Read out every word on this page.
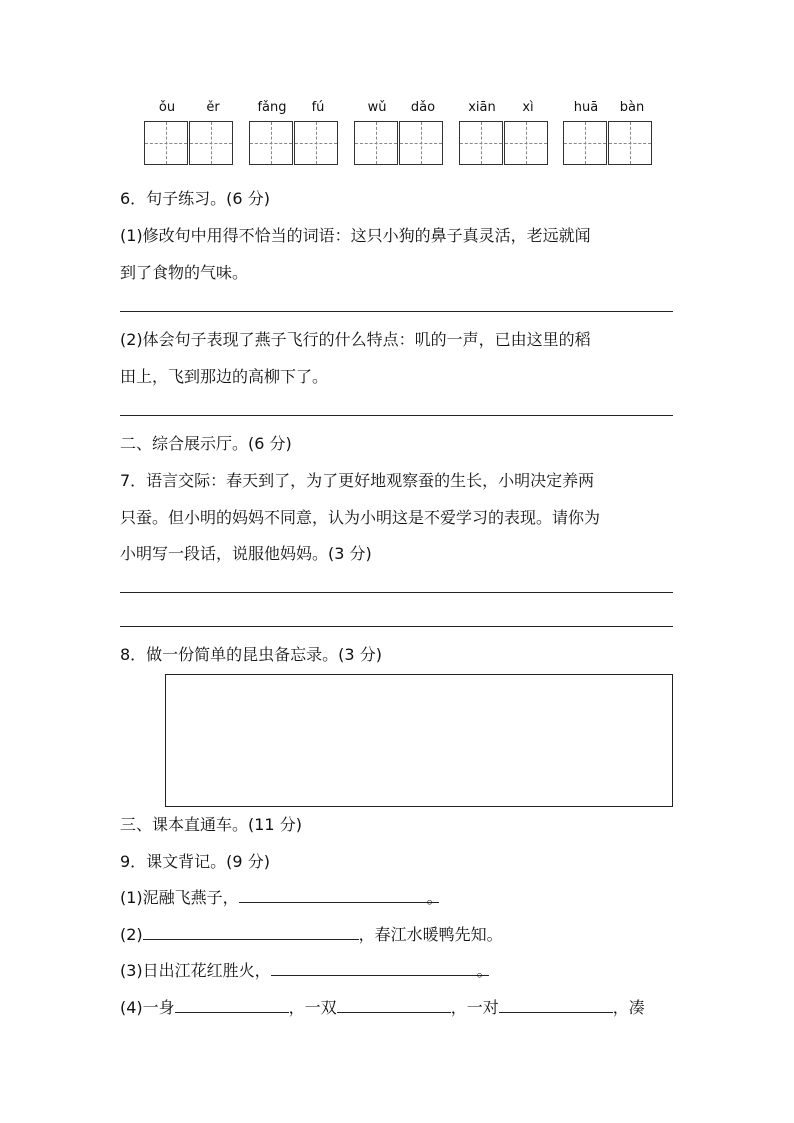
ǒu	ěr	fǎng	fú	wǔ	dǎo	xiān	xì	huā	bàn
6．句子练习。(6 分)
(1)修改句中用得不恰当的词语：这只小狗的鼻子真灵活，老远就闻
到了食物的气味。
(2)体会句子表现了燕子飞行的什么特点：叽的一声，已由这里的稻
田上，飞到那边的高柳下了。
二、综合展示厅。(6 分)
7．语言交际：春天到了，为了更好地观察蚕的生长，小明决定养两
只蚕。但小明的妈妈不同意，认为小明这是不爱学习的表现。请你为
小明写一段话，说服他妈妈。(3 分)
8．做一份简单的昆虫备忘录。(3 分)
三、课本直通车。(11 分)
9．课文背记。(9 分)
(1)泥融飞燕子，	。
(2)	，春江水暖鸭先知。
(3)日出江花红胜火，	。
(4)一身	，一双	，一对	，凑
